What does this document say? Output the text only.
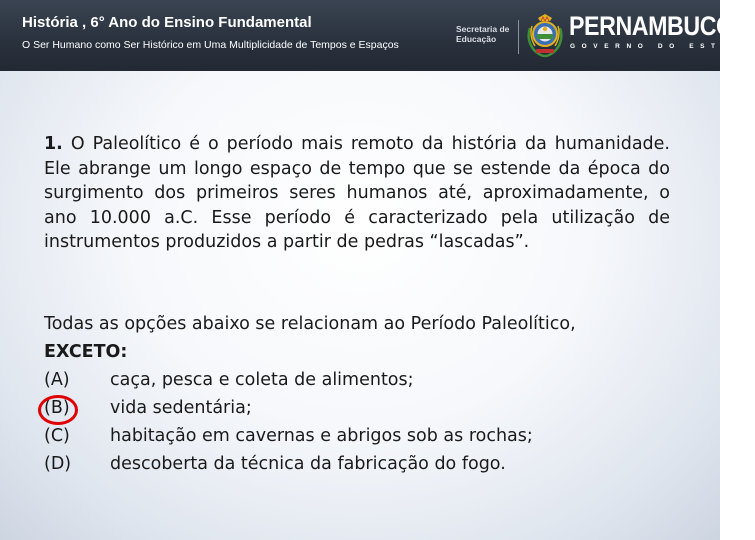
História , 6° Ano do Ensino Fundamental
O Ser Humano como Ser Histórico em Uma Multiplicidade de Tempos e Espaços
Secretaria de
Educação	PERNAMBUCO
GOVERNO DO ESTADO

1. O Paleolítico é o período mais remoto da história da humanidade. Ele abrange um longo espaço de tempo que se estende da época do surgimento dos primeiros seres humanos até, aproximadamente, o ano 10.000 a.C. Esse período é caracterizado pela utilização de instrumentos produzidos a partir de pedras “lascadas”.

Todas as opções abaixo se relacionam ao Período Paleolítico,
EXCETO:
(A) caça, pesca e coleta de alimentos;
(B) vida sedentária;
(C) habitação em cavernas e abrigos sob as rochas;
(D) descoberta da técnica da fabricação do fogo.
